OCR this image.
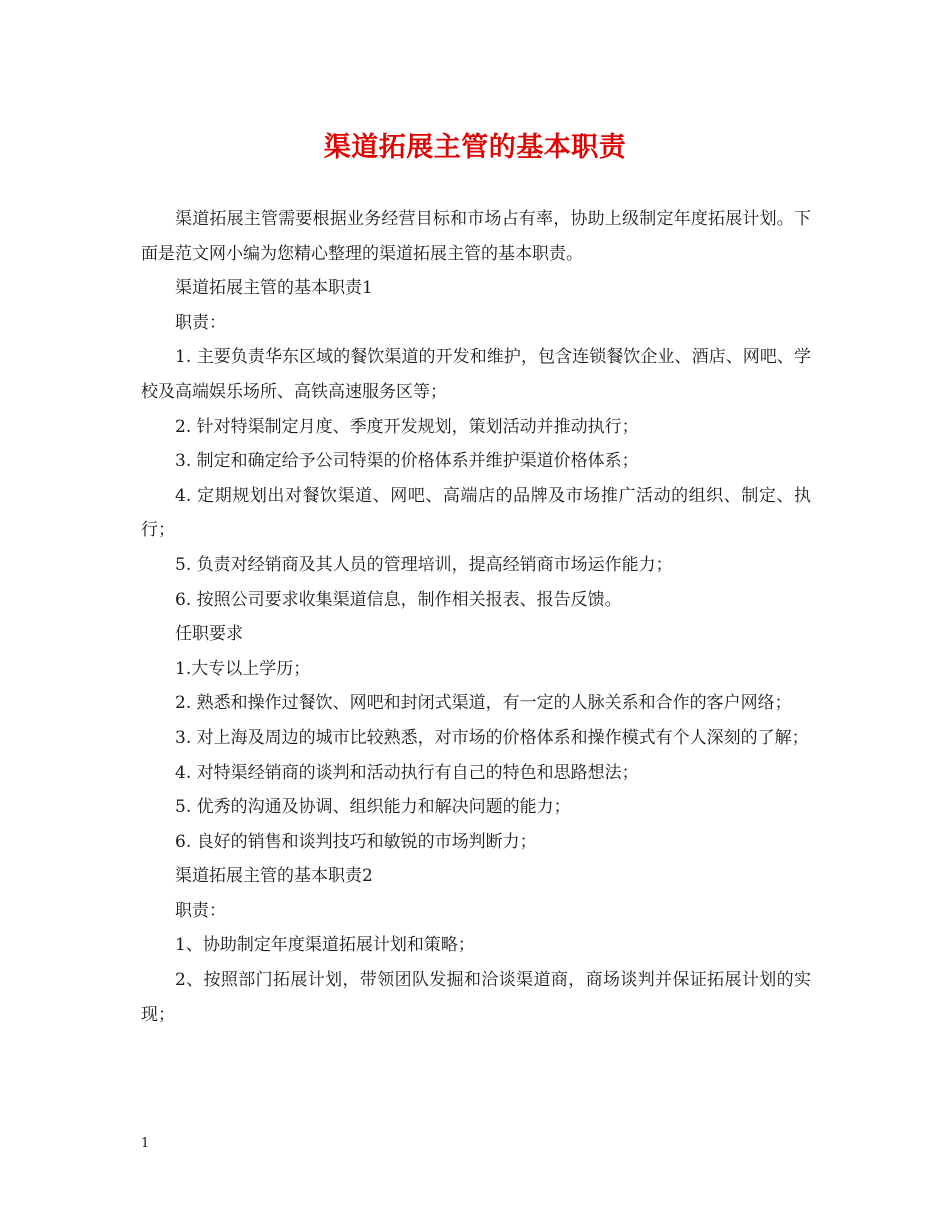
渠道拓展主管的基本职责

渠道拓展主管需要根据业务经营目标和市场占有率，协助上级制定年度拓展计划。下面是范文网小编为您精心整理的渠道拓展主管的基本职责。

渠道拓展主管的基本职责1

职责：

1. 主要负责华东区域的餐饮渠道的开发和维护，包含连锁餐饮企业、酒店、网吧、学校及高端娱乐场所、高铁高速服务区等；

2. 针对特渠制定月度、季度开发规划，策划活动并推动执行；

3. 制定和确定给予公司特渠的价格体系并维护渠道价格体系；

4. 定期规划出对餐饮渠道、网吧、高端店的品牌及市场推广活动的组织、制定、执行；

5. 负责对经销商及其人员的管理培训，提高经销商市场运作能力；

6. 按照公司要求收集渠道信息，制作相关报表、报告反馈。

任职要求

1.大专以上学历；

2. 熟悉和操作过餐饮、网吧和封闭式渠道，有一定的人脉关系和合作的客户网络；

3. 对上海及周边的城市比较熟悉，对市场的价格体系和操作模式有个人深刻的了解；

4. 对特渠经销商的谈判和活动执行有自己的特色和思路想法；

5. 优秀的沟通及协调、组织能力和解决问题的能力；

6. 良好的销售和谈判技巧和敏锐的市场判断力；

渠道拓展主管的基本职责2

职责：

1、协助制定年度渠道拓展计划和策略；

2、按照部门拓展计划，带领团队发掘和洽谈渠道商，商场谈判并保证拓展计划的实现；

1
